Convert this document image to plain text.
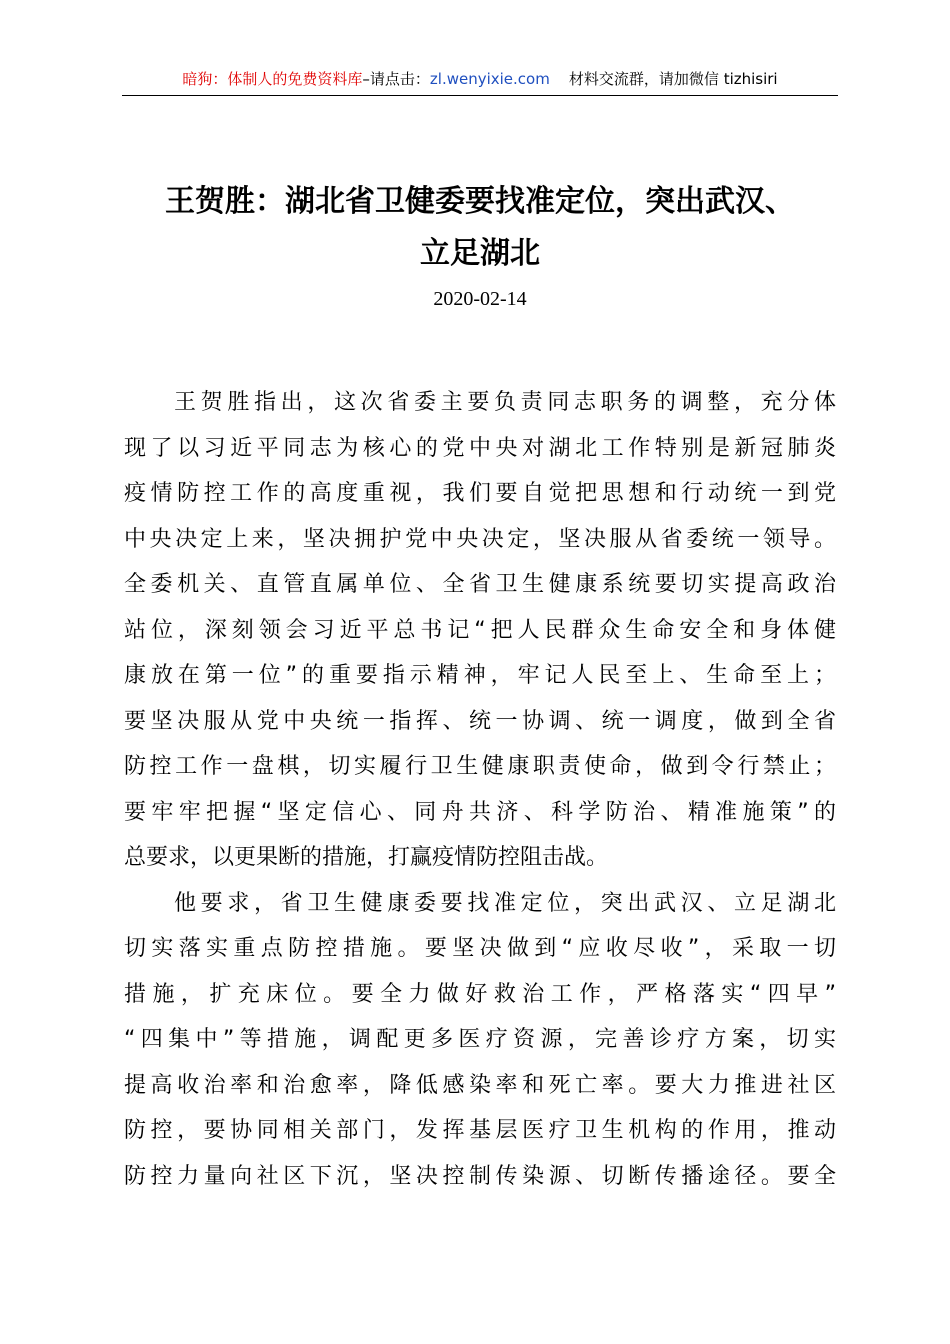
暗狗：体制人的免费资料库–请点击：zl.wenyixie.com 材料交流群，请加微信 tizhisiri
王贺胜：湖北省卫健委要找准定位，突出武汉、
立足湖北
2020-02-14
王贺胜指出，这次省委主要负责同志职务的调整，充分体
现了以习近平同志为核心的党中央对湖北工作特别是新冠肺炎
疫情防控工作的高度重视，我们要自觉把思想和行动统一到党
中央决定上来，坚决拥护党中央决定，坚决服从省委统一领导。
全委机关、直管直属单位、全省卫生健康系统要切实提高政治
站位，深刻领会习近平总书记“把人民群众生命安全和身体健
康放在第一位”的重要指示精神，牢记人民至上、生命至上；
要坚决服从党中央统一指挥、统一协调、统一调度，做到全省
防控工作一盘棋，切实履行卫生健康职责使命，做到令行禁止；
要牢牢把握“坚定信心、同舟共济、科学防治、精准施策”的
总要求，以更果断的措施，打赢疫情防控阻击战。
他要求，省卫生健康委要找准定位，突出武汉、立足湖北
切实落实重点防控措施。要坚决做到“应收尽收”，采取一切
措施，扩充床位。要全力做好救治工作，严格落实“四早”
“四集中”等措施，调配更多医疗资源，完善诊疗方案，切实
提高收治率和治愈率，降低感染率和死亡率。要大力推进社区
防控，要协同相关部门，发挥基层医疗卫生机构的作用，推动
防控力量向社区下沉，坚决控制传染源、切断传播途径。要全
